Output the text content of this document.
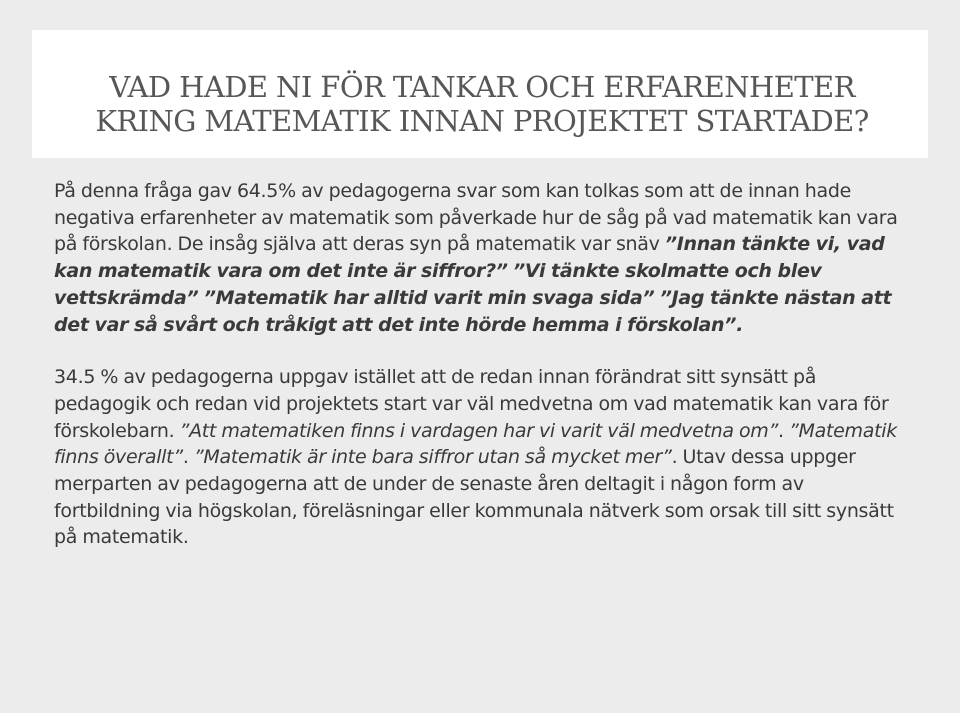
VAD HADE NI FÖR TANKAR OCH ERFARENHETER KRING MATEMATIK INNAN PROJEKTET STARTADE?

På denna fråga gav 64.5% av pedagogerna svar som kan tolkas som att de innan hade negativa erfarenheter av matematik som påverkade hur de såg på vad matematik kan vara på förskolan. De insåg själva att deras syn på matematik var snäv ”Innan tänkte vi, vad kan matematik vara om det inte är siffror?” ”Vi tänkte skolmatte och blev vettskrämda” ”Matematik har alltid varit min svaga sida” ”Jag tänkte nästan att det var så svårt och tråkigt att det inte hörde hemma i förskolan”.

34.5 % av pedagogerna uppgav istället att de redan innan förändrat sitt synsätt på pedagogik och redan vid projektets start var väl medvetna om vad matematik kan vara för förskolebarn. ”Att matematiken finns i vardagen har vi varit väl medvetna om”. ”Matematik finns överallt”. ”Matematik är inte bara siffror utan så mycket mer”. Utav dessa uppger merparten av pedagogerna att de under de senaste åren deltagit i någon form av fortbildning via högskolan, föreläsningar eller kommunala nätverk som orsak till sitt synsätt på matematik.
